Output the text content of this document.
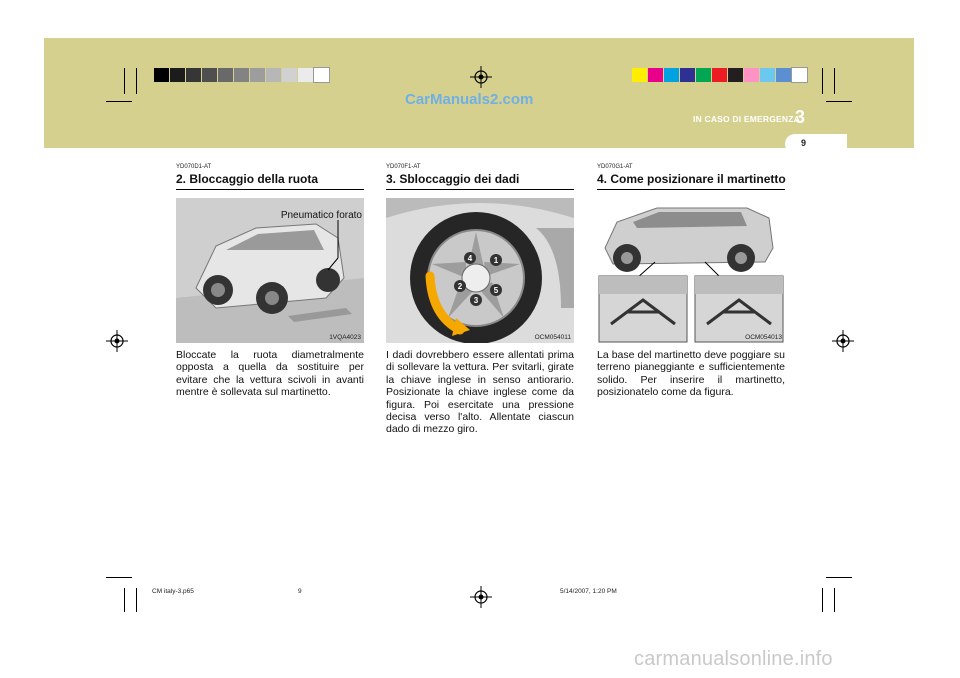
CarManuals2.com
IN CASO DI EMERGENZA
3
9
YD070D1-AT
2. Bloccaggio della ruota
Pneumatico forato
1VQA4023
Bloccate la ruota diametralmente opposta a quella da sostituire per evitare che la vettura scivoli in avanti mentre è sollevata sul martinetto.
YD070F1-AT
3. Sbloccaggio dei dadi
1
2
3
4
5
OCM054011
I dadi dovrebbero essere allentati prima di sollevare la vettura. Per svitarli, girate la chiave inglese in senso antiorario. Posizionate la chiave inglese come da figura. Poi esercitate una pressione decisa verso l'alto. Allentate ciascun dado di mezzo giro.
YD070G1-AT
4. Come posizionare il martinetto
OCM054013
La base del martinetto deve poggiare su terreno pianeggiante e sufficientemente solido. Per inserire il martinetto, posizionatelo come da figura.
CM italy-3.p65	9	5/14/2007, 1:20 PM
carmanualsonline.info
